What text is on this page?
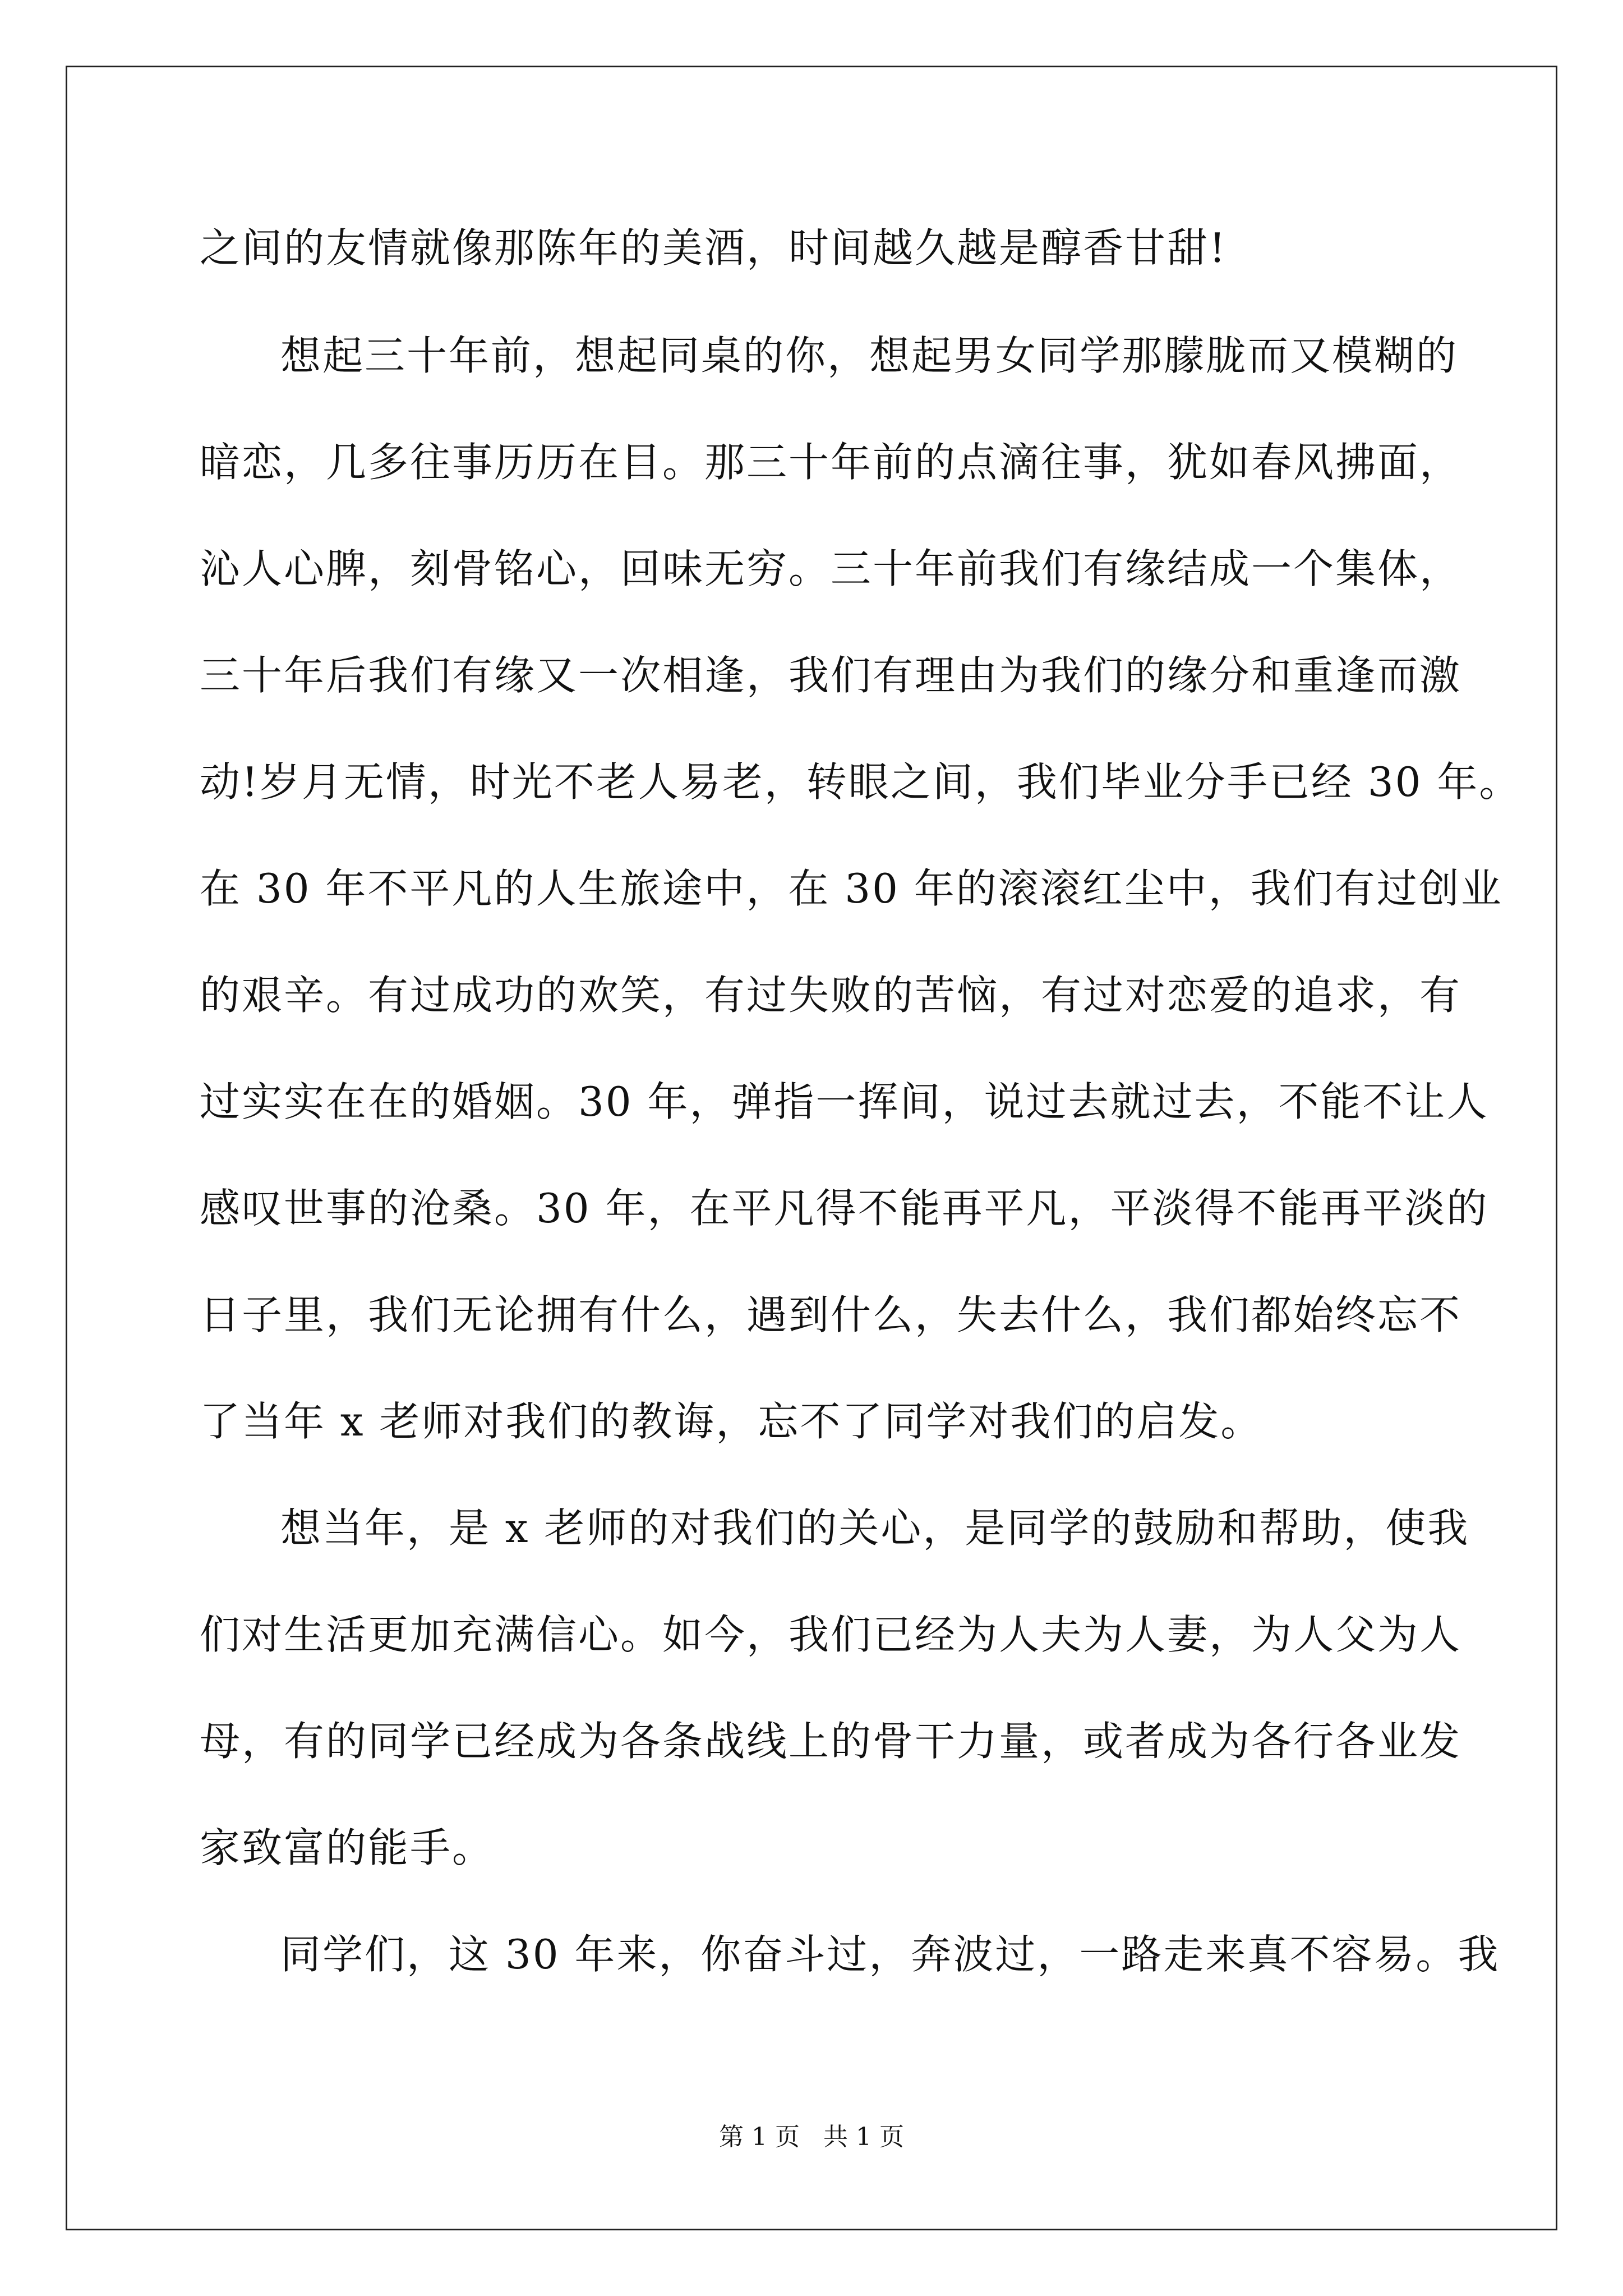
之间的友情就像那陈年的美酒，时间越久越是醇香甘甜!
想起三十年前，想起同桌的你，想起男女同学那朦胧而又模糊的
暗恋，几多往事历历在目。那三十年前的点滴往事，犹如春风拂面，
沁人心脾，刻骨铭心，回味无穷。三十年前我们有缘结成一个集体，
三十年后我们有缘又一次相逢，我们有理由为我们的缘分和重逢而激
动!岁月无情，时光不老人易老，转眼之间，我们毕业分手已经 30 年。
在 30 年不平凡的人生旅途中，在 30 年的滚滚红尘中，我们有过创业
的艰辛。有过成功的欢笑，有过失败的苦恼，有过对恋爱的追求，有
过实实在在的婚姻。30 年，弹指一挥间，说过去就过去，不能不让人
感叹世事的沧桑。30 年，在平凡得不能再平凡，平淡得不能再平淡的
日子里，我们无论拥有什么，遇到什么，失去什么，我们都始终忘不
了当年 x 老师对我们的教诲，忘不了同学对我们的启发。
想当年，是 x 老师的对我们的关心，是同学的鼓励和帮助，使我
们对生活更加充满信心。如今，我们已经为人夫为人妻，为人父为人
母，有的同学已经成为各条战线上的骨干力量，或者成为各行各业发
家致富的能手。
同学们，这 30 年来，你奋斗过，奔波过，一路走来真不容易。我
第 1 页   共 1 页
